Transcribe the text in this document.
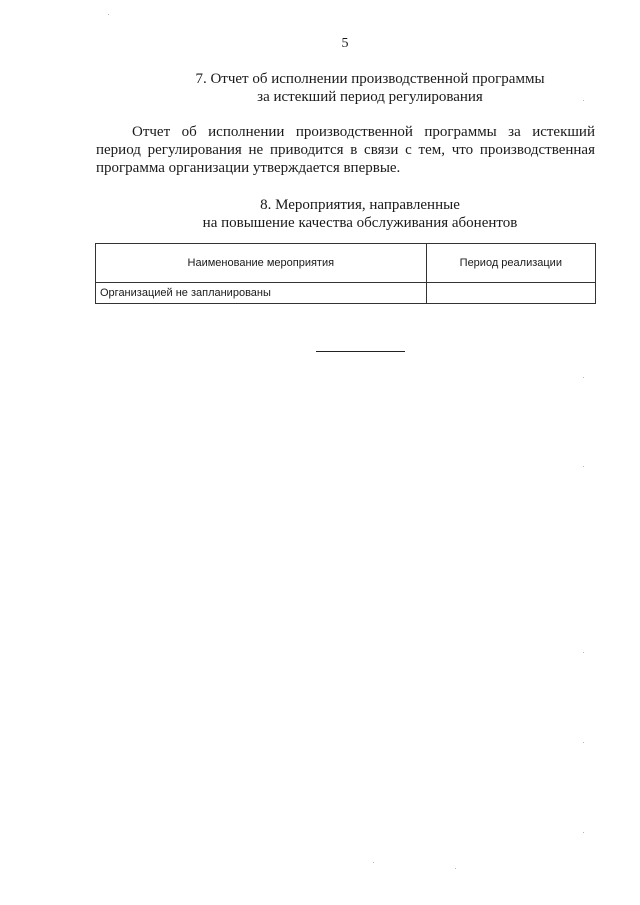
5
7. Отчет об исполнении производственной программы
за истекший период регулирования

Отчет об исполнении производственной программы за истекший период регулирования не приводится в связи с тем, что производственная программа организации утверждается впервые.

8. Мероприятия, направленные
на повышение качества обслуживания абонентов
Наименование мероприятия	Период реализации
Организацией не запланированы	
